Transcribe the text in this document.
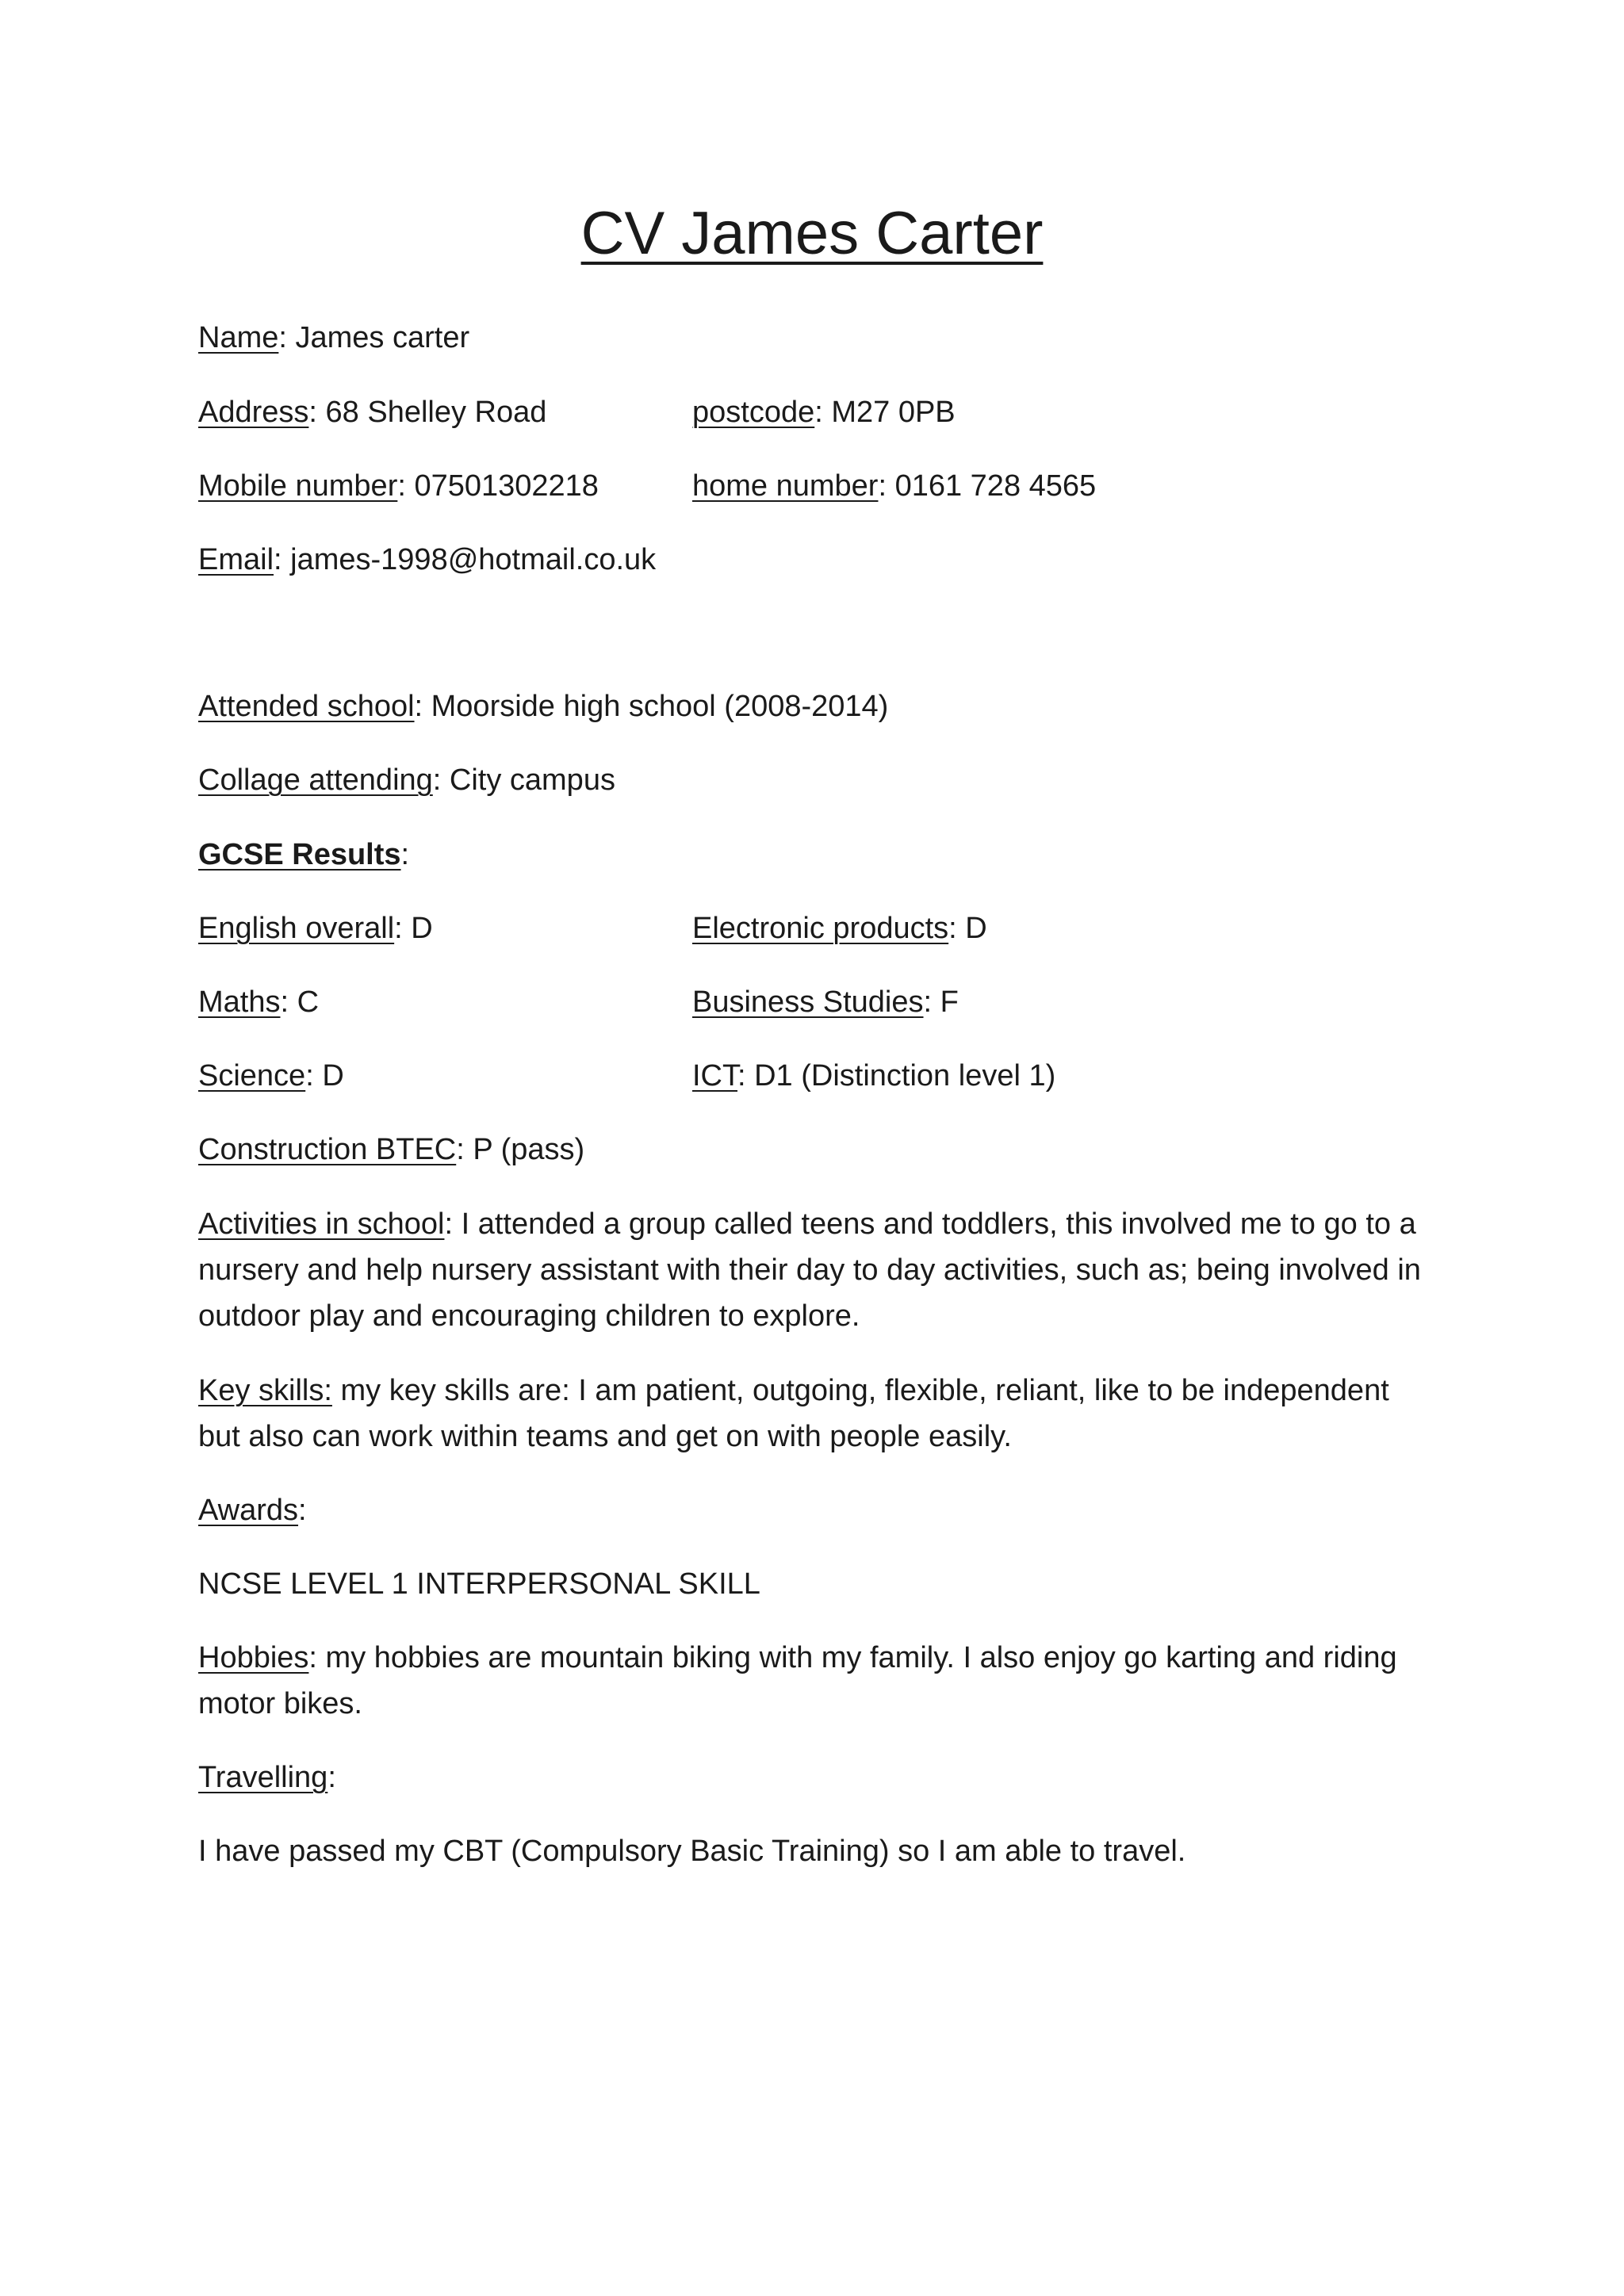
CV James Carter
Name: James carter
Address: 68 Shelley Road	postcode: M27 0PB
Mobile number: 07501302218	home number: 0161 728 4565
Email: james-1998@hotmail.co.uk
Attended school: Moorside high school (2008-2014)
Collage attending: City campus
GCSE Results:
English overall: D	Electronic products: D
Maths: C	Business Studies: F
Science: D	ICT: D1 (Distinction level 1)
Construction BTEC: P (pass)
Activities in school: I attended a group called teens and toddlers, this involved me to go to a nursery and help nursery assistant with their day to day activities, such as; being involved in outdoor play and encouraging children to explore.
Key skills: my key skills are: I am patient, outgoing, flexible, reliant, like to be independent but also can work within teams and get on with people easily.
Awards:
NCSE LEVEL 1 INTERPERSONAL SKILL
Hobbies: my hobbies are mountain biking with my family. I also enjoy go karting and riding motor bikes.
Travelling:
I have passed my CBT (Compulsory Basic Training) so I am able to travel.
